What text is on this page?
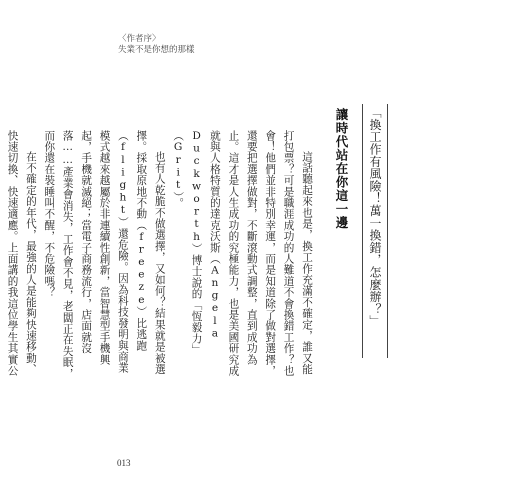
〈作者序〉
失業不是你想的那樣
「換工作有風險！萬一換錯，怎麼辦？」
讓時代站在你這一邊

這話聽起來也是，換工作充滿不確定，誰又能打包票？可是職涯成功的人難道不會換錯工作？也會！他們並非特別幸運，而是知道除了做對選擇，還要把選擇做對，不斷滾動式調整，直到成功為止。這才是人生成功的究極能力，也是美國研究成就與人格特質的達克沃斯（Angela Duckworth）博士說的「恆毅力」（Grit）。

也有人乾脆不做選擇，又如何？結果就是被選擇。採取原地不動（freeze）比逃跑（flight）還危險。因為科技發明與商業模式越來越屬於非連續性創新，當智慧型手機興起，手機就滅絕；當電子商務流行，店面就沒落……產業會消失，工作會不見，老闆正在失眠，而你還在裝睡叫不醒，不危險嗎？

在不確定的年代，最強的人是能夠快速移動、快速切換、快速適應。上面講的我這位學生其實公

013
